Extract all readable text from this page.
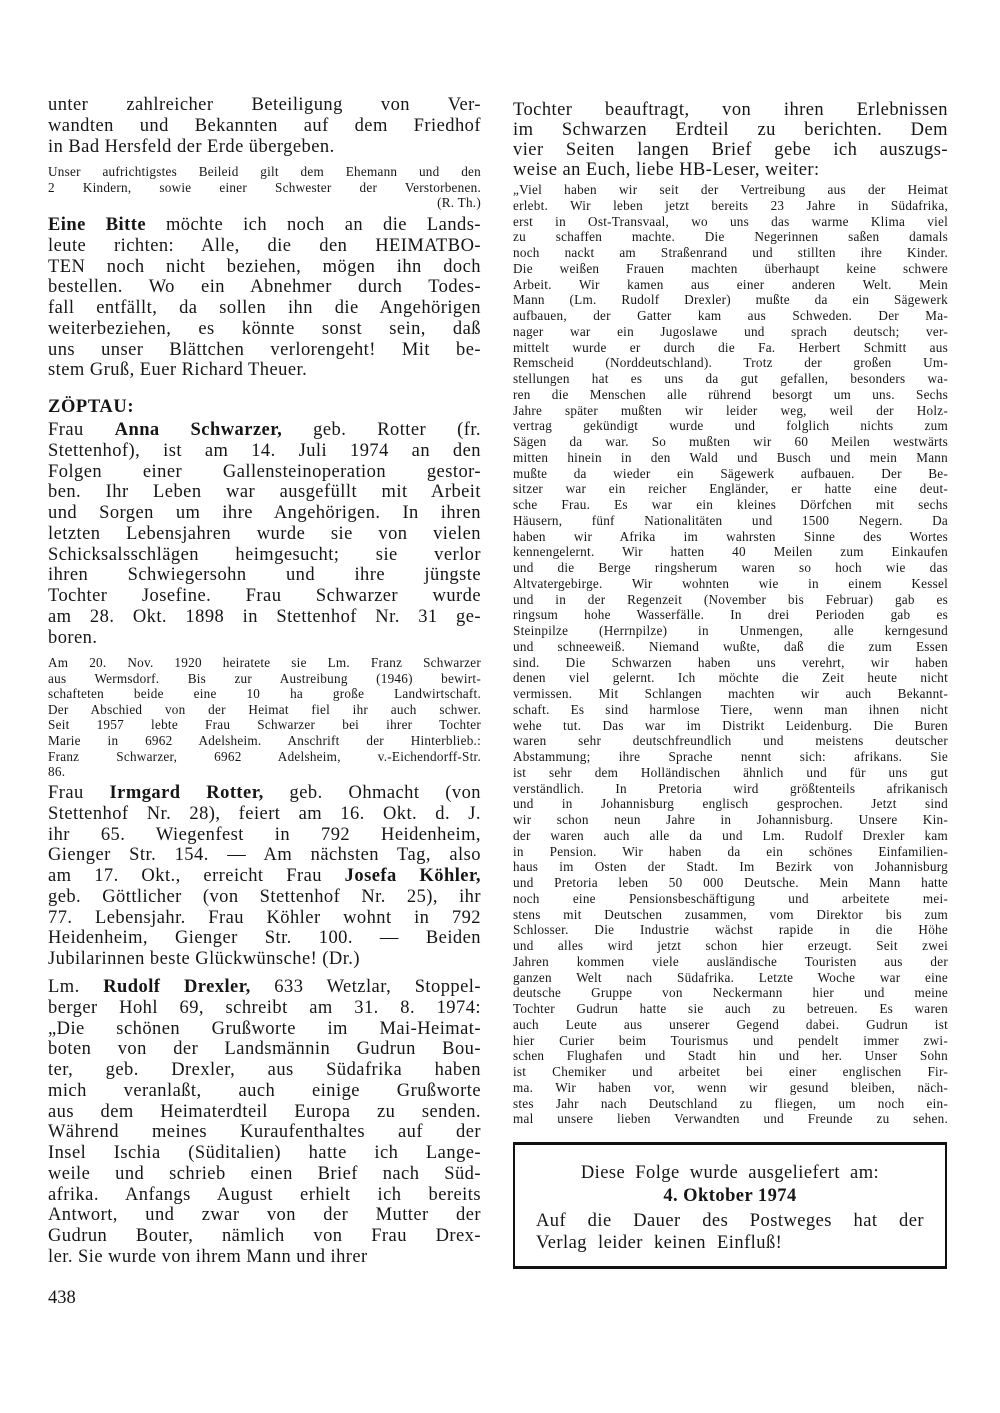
unter zahlreicher Beteiligung von Ver-
wandten und Bekannten auf dem Friedhof
in Bad Hersfeld der Erde übergeben.
Unser aufrichtigstes Beileid gilt dem Ehemann und den
2 Kindern, sowie einer Schwester der Verstorbenen.
(R. Th.)
Eine Bitte möchte ich noch an die Lands-
leute richten: Alle, die den HEIMATBO-
TEN noch nicht beziehen, mögen ihn doch
bestellen. Wo ein Abnehmer durch Todes-
fall entfällt, da sollen ihn die Angehörigen
weiterbeziehen, es könnte sonst sein, daß
uns unser Blättchen verlorengeht! Mit be-
stem Gruß, Euer Richard Theuer.
ZÖPTAU:
Frau Anna Schwarzer, geb. Rotter (fr.
Stettenhof), ist am 14. Juli 1974 an den
Folgen einer Gallensteinoperation gestor-
ben. Ihr Leben war ausgefüllt mit Arbeit
und Sorgen um ihre Angehörigen. In ihren
letzten Lebensjahren wurde sie von vielen
Schicksalsschlägen heimgesucht; sie verlor
ihren Schwiegersohn und ihre jüngste
Tochter Josefine. Frau Schwarzer wurde
am 28. Okt. 1898 in Stettenhof Nr. 31 ge-
boren.
Am 20. Nov. 1920 heiratete sie Lm. Franz Schwarzer
aus Wermsdorf. Bis zur Austreibung (1946) bewirt-
schafteten beide eine 10 ha große Landwirtschaft.
Der Abschied von der Heimat fiel ihr auch schwer.
Seit 1957 lebte Frau Schwarzer bei ihrer Tochter
Marie in 6962 Adelsheim. Anschrift der Hinterblieb.:
Franz Schwarzer, 6962 Adelsheim, v.-Eichendorff-Str.
86.
Frau Irmgard Rotter, geb. Ohmacht (von
Stettenhof Nr. 28), feiert am 16. Okt. d. J.
ihr 65. Wiegenfest in 792 Heidenheim,
Gienger Str. 154. — Am nächsten Tag, also
am 17. Okt., erreicht Frau Josefa Köhler,
geb. Göttlicher (von Stettenhof Nr. 25), ihr
77. Lebensjahr. Frau Köhler wohnt in 792
Heidenheim, Gienger Str. 100. — Beiden
Jubilarinnen beste Glückwünsche! (Dr.)
Lm. Rudolf Drexler, 633 Wetzlar, Stoppel-
berger Hohl 69, schreibt am 31. 8. 1974:
„Die schönen Grußworte im Mai-Heimat-
boten von der Landsmännin Gudrun Bou-
ter, geb. Drexler, aus Südafrika haben
mich veranlaßt, auch einige Grußworte
aus dem Heimaterdteil Europa zu senden.
Während meines Kuraufenthaltes auf der
Insel Ischia (Süditalien) hatte ich Lange-
weile und schrieb einen Brief nach Süd-
afrika. Anfangs August erhielt ich bereits
Antwort, und zwar von der Mutter der
Gudrun Bouter, nämlich von Frau Drex-
ler. Sie wurde von ihrem Mann und ihrer
438
Tochter beauftragt, von ihren Erlebnissen
im Schwarzen Erdteil zu berichten. Dem
vier Seiten langen Brief gebe ich auszugs-
weise an Euch, liebe HB-Leser, weiter:
„Viel haben wir seit der Vertreibung aus der Heimat
erlebt. Wir leben jetzt bereits 23 Jahre in Südafrika,
erst in Ost-Transvaal, wo uns das warme Klima viel
zu schaffen machte. Die Negerinnen saßen damals
noch nackt am Straßenrand und stillten ihre Kinder.
Die weißen Frauen machten überhaupt keine schwere
Arbeit. Wir kamen aus einer anderen Welt. Mein
Mann (Lm. Rudolf Drexler) mußte da ein Sägewerk
aufbauen, der Gatter kam aus Schweden. Der Ma-
nager war ein Jugoslawe und sprach deutsch; ver-
mittelt wurde er durch die Fa. Herbert Schmitt aus
Remscheid (Norddeutschland). Trotz der großen Um-
stellungen hat es uns da gut gefallen, besonders wa-
ren die Menschen alle rührend besorgt um uns. Sechs
Jahre später mußten wir leider weg, weil der Holz-
vertrag gekündigt wurde und folglich nichts zum
Sägen da war. So mußten wir 60 Meilen westwärts
mitten hinein in den Wald und Busch und mein Mann
mußte da wieder ein Sägewerk aufbauen. Der Be-
sitzer war ein reicher Engländer, er hatte eine deut-
sche Frau. Es war ein kleines Dörfchen mit sechs
Häusern, fünf Nationalitäten und 1500 Negern. Da
haben wir Afrika im wahrsten Sinne des Wortes
kennengelernt. Wir hatten 40 Meilen zum Einkaufen
und die Berge ringsherum waren so hoch wie das
Altvatergebirge. Wir wohnten wie in einem Kessel
und in der Regenzeit (November bis Februar) gab es
ringsum hohe Wasserfälle. In drei Perioden gab es
Steinpilze (Herrnpilze) in Unmengen, alle kerngesund
und schneeweiß. Niemand wußte, daß die zum Essen
sind. Die Schwarzen haben uns verehrt, wir haben
denen viel gelernt. Ich möchte die Zeit heute nicht
vermissen. Mit Schlangen machten wir auch Bekannt-
schaft. Es sind harmlose Tiere, wenn man ihnen nicht
wehe tut. Das war im Distrikt Leidenburg. Die Buren
waren sehr deutschfreundlich und meistens deutscher
Abstammung; ihre Sprache nennt sich: afrikans. Sie
ist sehr dem Holländischen ähnlich und für uns gut
verständlich. In Pretoria wird größtenteils afrikanisch
und in Johannisburg englisch gesprochen. Jetzt sind
wir schon neun Jahre in Johannisburg. Unsere Kin-
der waren auch alle da und Lm. Rudolf Drexler kam
in Pension. Wir haben da ein schönes Einfamilien-
haus im Osten der Stadt. Im Bezirk von Johannisburg
und Pretoria leben 50 000 Deutsche. Mein Mann hatte
noch eine Pensionsbeschäftigung und arbeitete mei-
stens mit Deutschen zusammen, vom Direktor bis zum
Schlosser. Die Industrie wächst rapide in die Höhe
und alles wird jetzt schon hier erzeugt. Seit zwei
Jahren kommen viele ausländische Touristen aus der
ganzen Welt nach Südafrika. Letzte Woche war eine
deutsche Gruppe von Neckermann hier und meine
Tochter Gudrun hatte sie auch zu betreuen. Es waren
auch Leute aus unserer Gegend dabei. Gudrun ist
hier Curier beim Tourismus und pendelt immer zwi-
schen Flughafen und Stadt hin und her. Unser Sohn
ist Chemiker und arbeitet bei einer englischen Fir-
ma. Wir haben vor, wenn wir gesund bleiben, näch-
stes Jahr nach Deutschland zu fliegen, um noch ein-
mal unsere lieben Verwandten und Freunde zu sehen.
Diese Folge wurde ausgeliefert am:
4. Oktober 1974
Auf die Dauer des Postweges hat der
Verlag leider keinen Einfluß!
